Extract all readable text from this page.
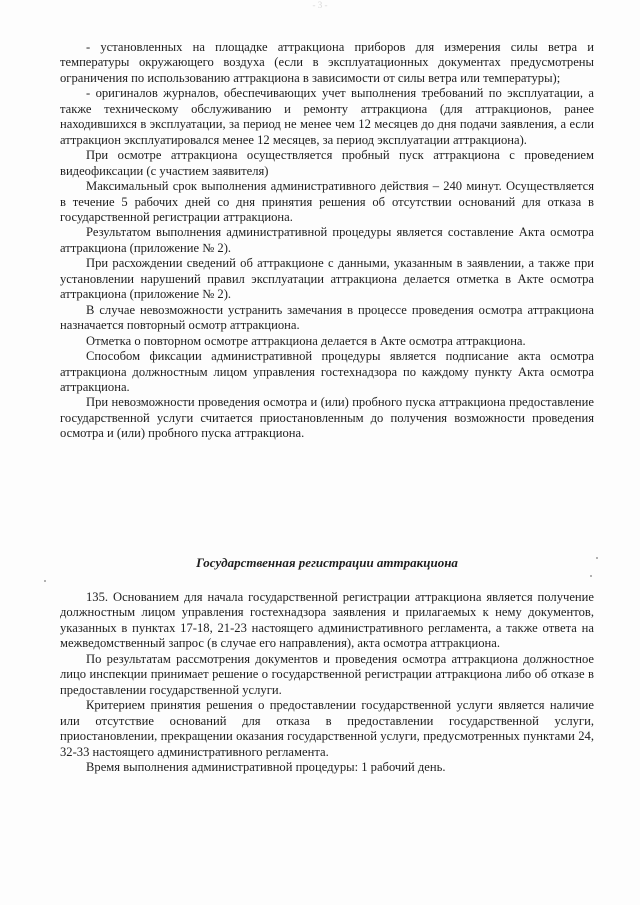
- 3 -

- установленных на площадке аттракциона приборов для измерения силы ветра и температуры окружающего воздуха (если в эксплуатационных документах предусмотрены ограничения по использованию аттракциона в зависимости от силы ветра или температуры);

- оригиналов журналов, обеспечивающих учет выполнения требований по эксплуатации, а также техническому обслуживанию и ремонту аттракциона (для аттракционов, ранее находившихся в эксплуатации, за период не менее чем 12 месяцев до дня подачи заявления, а если аттракцион эксплуатировался менее 12 месяцев, за период эксплуатации аттракциона).

При осмотре аттракциона осуществляется пробный пуск аттракциона с проведением видеофиксации (с участием заявителя)

Максимальный срок выполнения административного действия – 240 минут. Осуществляется в течение 5 рабочих дней со дня принятия решения об отсутствии оснований для отказа в государственной регистрации аттракциона.

Результатом выполнения административной процедуры является составление Акта осмотра аттракциона (приложение № 2).

При расхождении сведений об аттракционе с данными, указанным в заявлении, а также при установлении нарушений правил эксплуатации аттракциона делается отметка в Акте осмотра аттракциона (приложение № 2).

В случае невозможности устранить замечания в процессе проведения осмотра аттракциона назначается повторный осмотр аттракциона.

Отметка о повторном осмотре аттракциона делается в Акте осмотра аттракциона.

Способом фиксации административной процедуры является подписание акта осмотра аттракциона должностным лицом управления гостехнадзора по каждому пункту Акта осмотра аттракциона.

При невозможности проведения осмотра и (или) пробного пуска аттракциона предоставление государственной услуги считается приостановленным до получения возможности проведения осмотра и (или) пробного пуска аттракциона.

Государственная регистрации аттракциона

135. Основанием для начала государственной регистрации аттракциона является получение должностным лицом управления гостехнадзора заявления и прилагаемых к нему документов, указанных в пунктах 17-18, 21-23 настоящего административного регламента, а также ответа на межведомственный запрос (в случае его направления), акта осмотра аттракциона.

По результатам рассмотрения документов и проведения осмотра аттракциона должностное лицо инспекции принимает решение о государственной регистрации аттракциона либо об отказе в предоставлении государственной услуги.

Критерием принятия решения о предоставлении государственной услуги является наличие или отсутствие оснований для отказа в предоставлении государственной услуги, приостановлении, прекращении оказания государственной услуги, предусмотренных пунктами 24, 32-33 настоящего административного регламента.

Время выполнения административной процедуры: 1 рабочий день.
